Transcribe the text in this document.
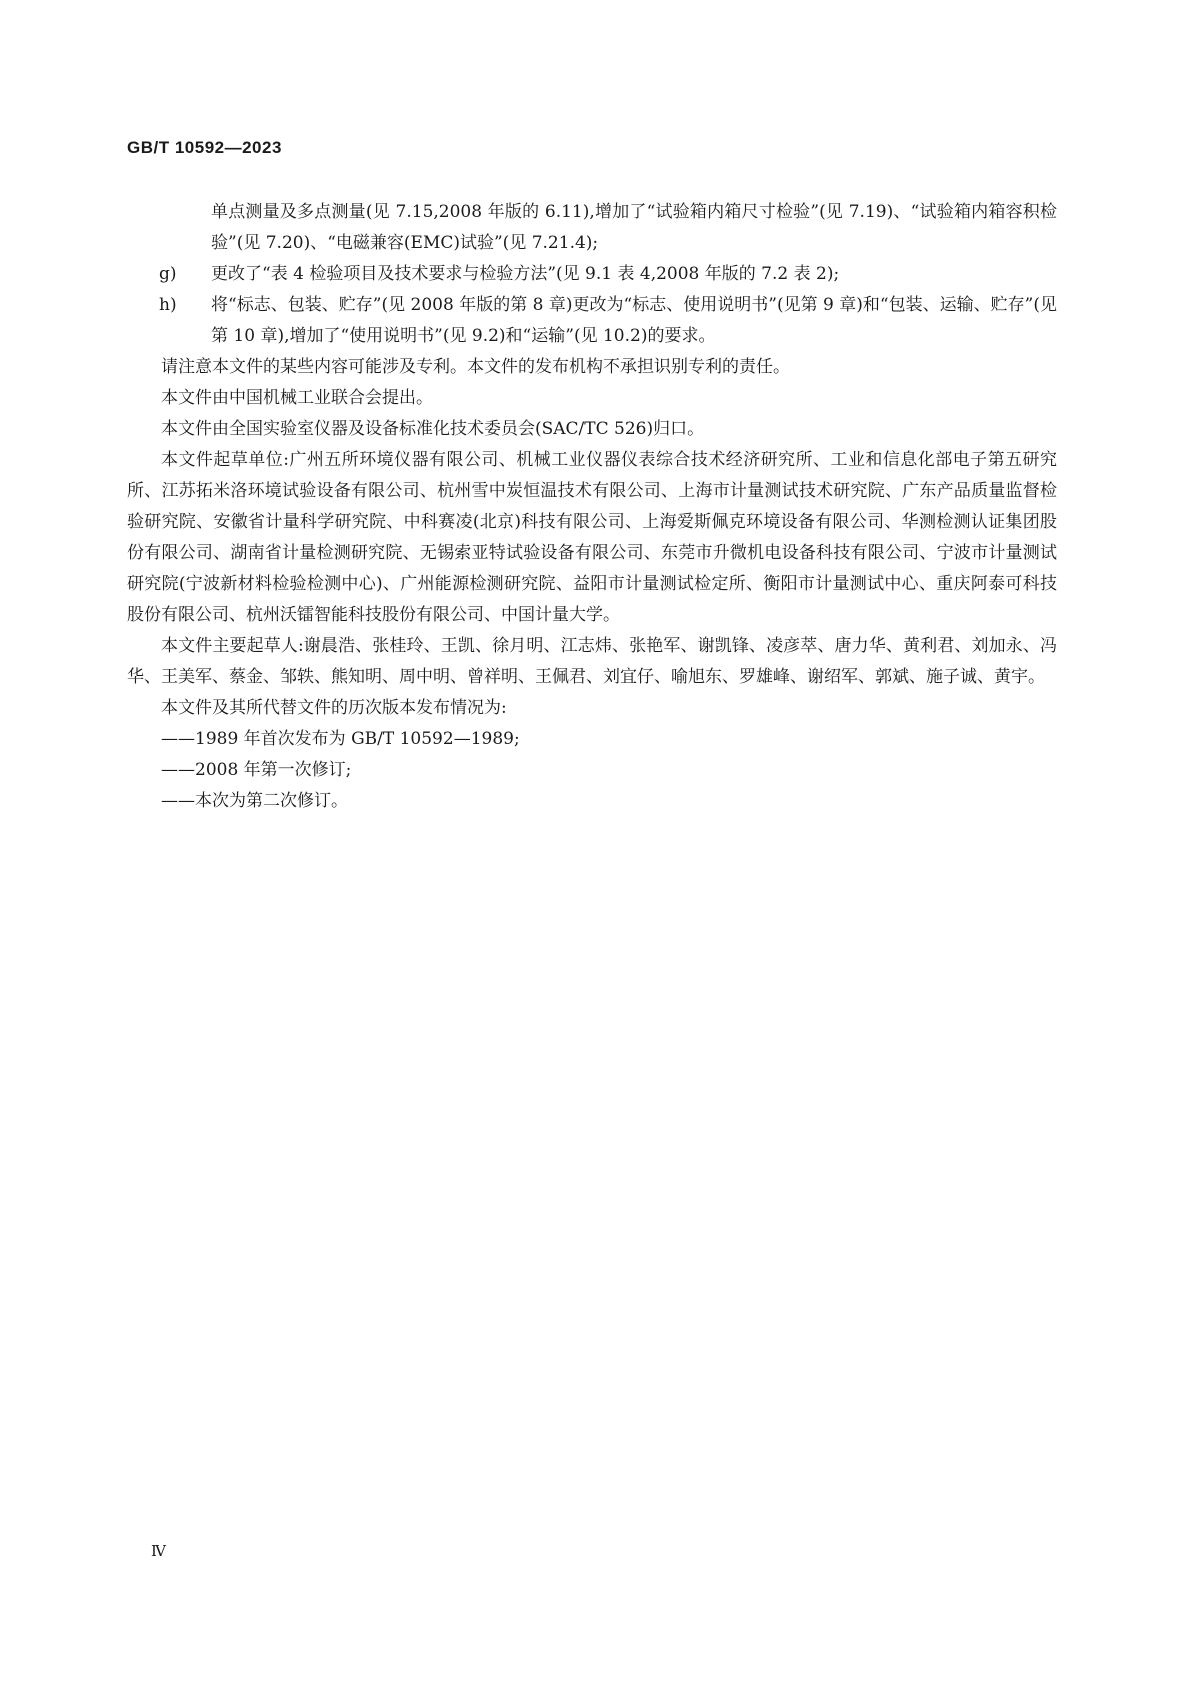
GB/T 10592—2023
单点测量及多点测量(见 7.15,2008 年版的 6.11),增加了“试验箱内箱尺寸检验”(见 7.19)、“试验箱内箱容积检验”(见 7.20)、“电磁兼容(EMC)试验”(见 7.21.4);
g) 更改了“表 4 检验项目及技术要求与检验方法”(见 9.1 表 4,2008 年版的 7.2 表 2);
h) 将“标志、包装、贮存”(见 2008 年版的第 8 章)更改为“标志、使用说明书”(见第 9 章)和“包装、运输、贮存”(见第 10 章),增加了“使用说明书”(见 9.2)和“运输”(见 10.2)的要求。
请注意本文件的某些内容可能涉及专利。本文件的发布机构不承担识别专利的责任。
本文件由中国机械工业联合会提出。
本文件由全国实验室仪器及设备标准化技术委员会(SAC/TC 526)归口。
本文件起草单位:广州五所环境仪器有限公司、机械工业仪器仪表综合技术经济研究所、工业和信息化部电子第五研究所、江苏拓米洛环境试验设备有限公司、杭州雪中炭恒温技术有限公司、上海市计量测试技术研究院、广东产品质量监督检验研究院、安徽省计量科学研究院、中科赛凌(北京)科技有限公司、上海爱斯佩克环境设备有限公司、华测检测认证集团股份有限公司、湖南省计量检测研究院、无锡索亚特试验设备有限公司、东莞市升微机电设备科技有限公司、宁波市计量测试研究院(宁波新材料检验检测中心)、广州能源检测研究院、益阳市计量测试检定所、衡阳市计量测试中心、重庆阿泰可科技股份有限公司、杭州沃镭智能科技股份有限公司、中国计量大学。
本文件主要起草人:谢晨浩、张桂玲、王凯、徐月明、江志炜、张艳军、谢凯锋、凌彦萃、唐力华、黄利君、刘加永、冯华、王美军、蔡金、邹轶、熊知明、周中明、曾祥明、王佩君、刘宜仔、喻旭东、罗雄峰、谢绍军、郭斌、施子诚、黄宇。
本文件及其所代替文件的历次版本发布情况为:
——1989 年首次发布为 GB/T 10592—1989;
——2008 年第一次修订;
——本次为第二次修订。
Ⅳ
